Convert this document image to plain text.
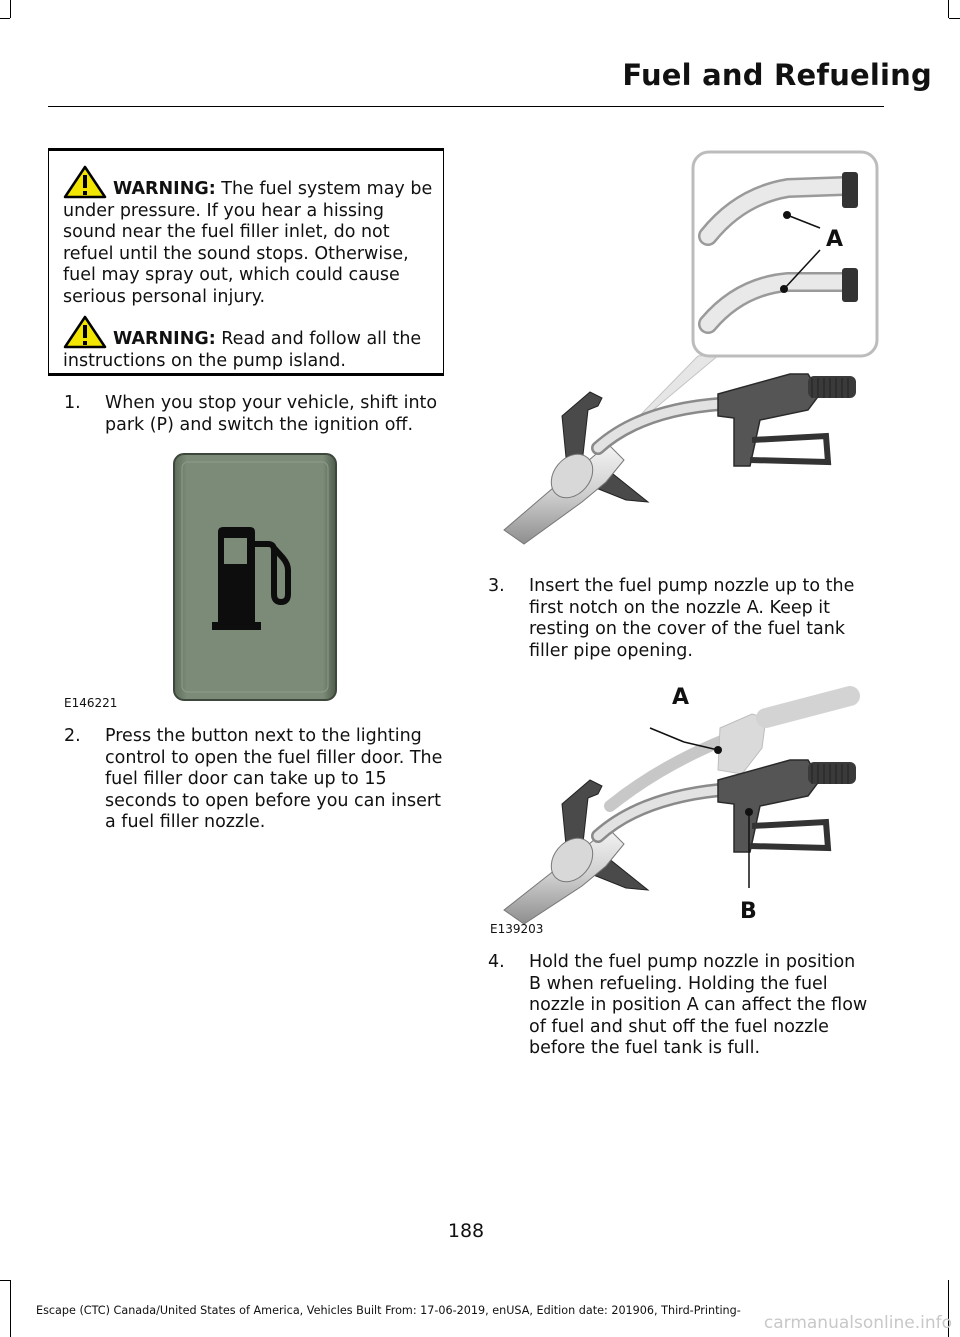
Fuel and Refueling
WARNING: The fuel system may be under pressure. If you hear a hissing sound near the fuel filler inlet, do not refuel until the sound stops. Otherwise, fuel may spray out, which could cause serious personal injury.
WARNING: Read and follow all the instructions on the pump island.
1. When you stop your vehicle, shift into
park (P) and switch the ignition off.
E146221
2. Press the button next to the lighting
control to open the fuel filler door. The
fuel filler door can take up to 15
seconds to open before you can insert
a fuel filler nozzle.
A
3. Insert the fuel pump nozzle up to the
first notch on the nozzle A. Keep it
resting on the cover of the fuel tank
filler pipe opening.
A
B
E139203
4. Hold the fuel pump nozzle in position
B when refueling. Holding the fuel
nozzle in position A can affect the flow
of fuel and shut off the fuel nozzle
before the fuel tank is full.
188
Escape (CTC) Canada/United States of America, Vehicles Built From: 17-06-2019, enUSA, Edition date: 201906, Third-Printing-
carmanualsonline.info
